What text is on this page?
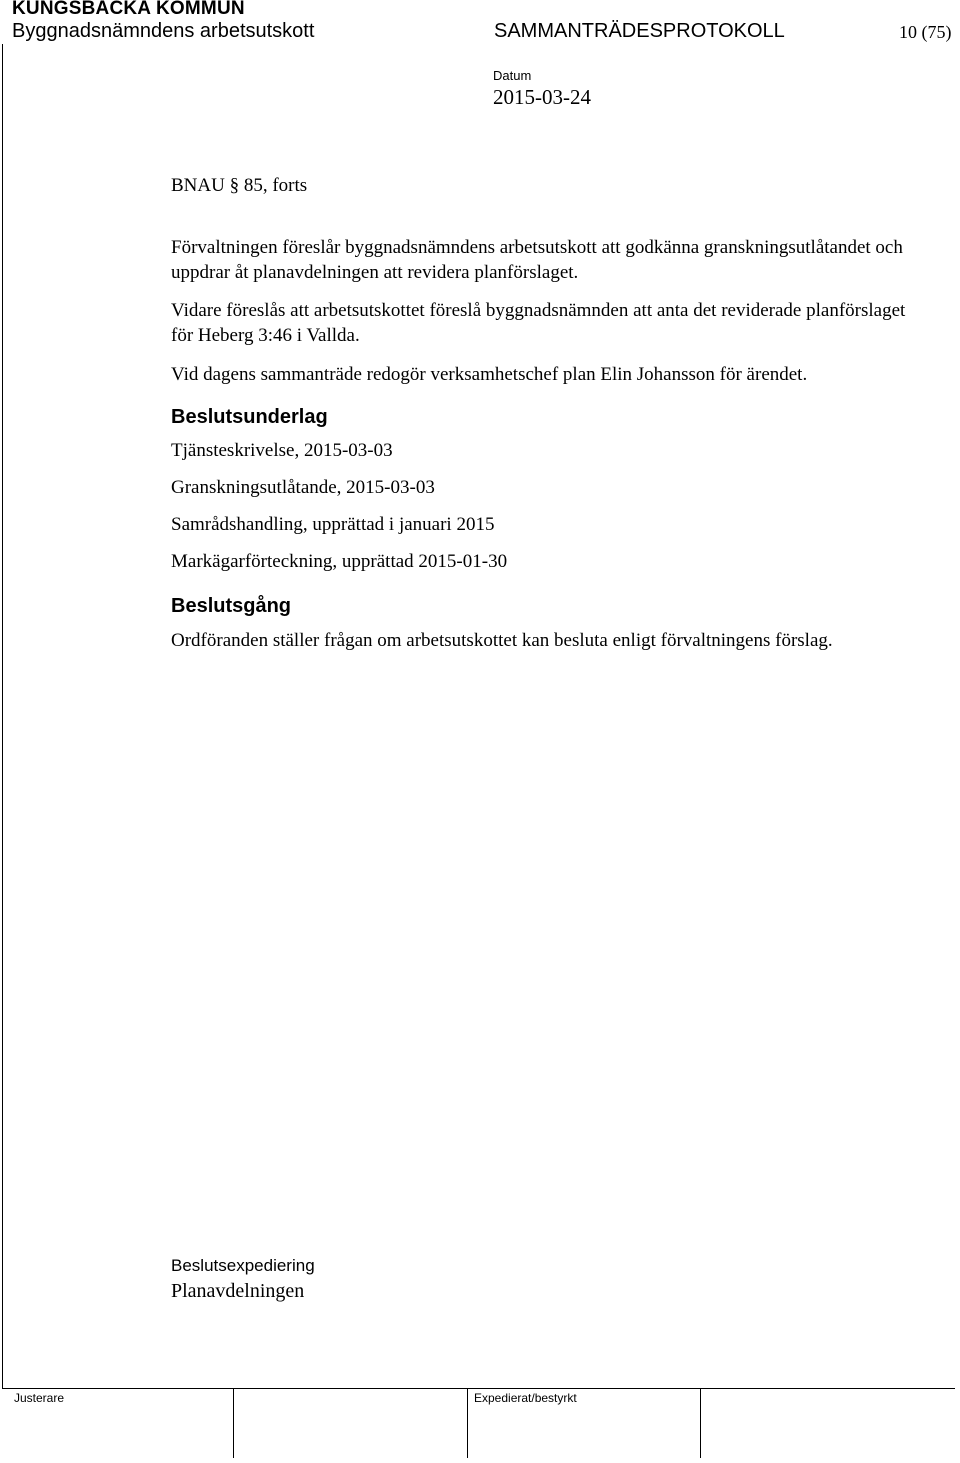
KUNGSBACKA KOMMUN
Byggnadsnämndens arbetsutskott	SAMMANTRÄDESPROTOKOLL	10 (75)
Datum
2015-03-24
BNAU § 85, forts
Förvaltningen föreslår byggnadsnämndens arbetsutskott att godkänna granskningsutlåtandet och uppdrar åt planavdelningen att revidera planförslaget.
Vidare föreslås att arbetsutskottet föreslå byggnadsnämnden att anta det reviderade planförslaget för Heberg 3:46 i Vallda.
Vid dagens sammanträde redogör verksamhetschef plan Elin Johansson för ärendet.
Beslutsunderlag
Tjänsteskrivelse, 2015-03-03
Granskningsutlåtande, 2015-03-03
Samrådshandling, upprättad i januari 2015
Markägarförteckning, upprättad 2015-01-30
Beslutsgång
Ordföranden ställer frågan om arbetsutskottet kan besluta enligt förvaltningens förslag.
Beslutsexpediering
Planavdelningen
Justerare	Expedierat/bestyrkt
